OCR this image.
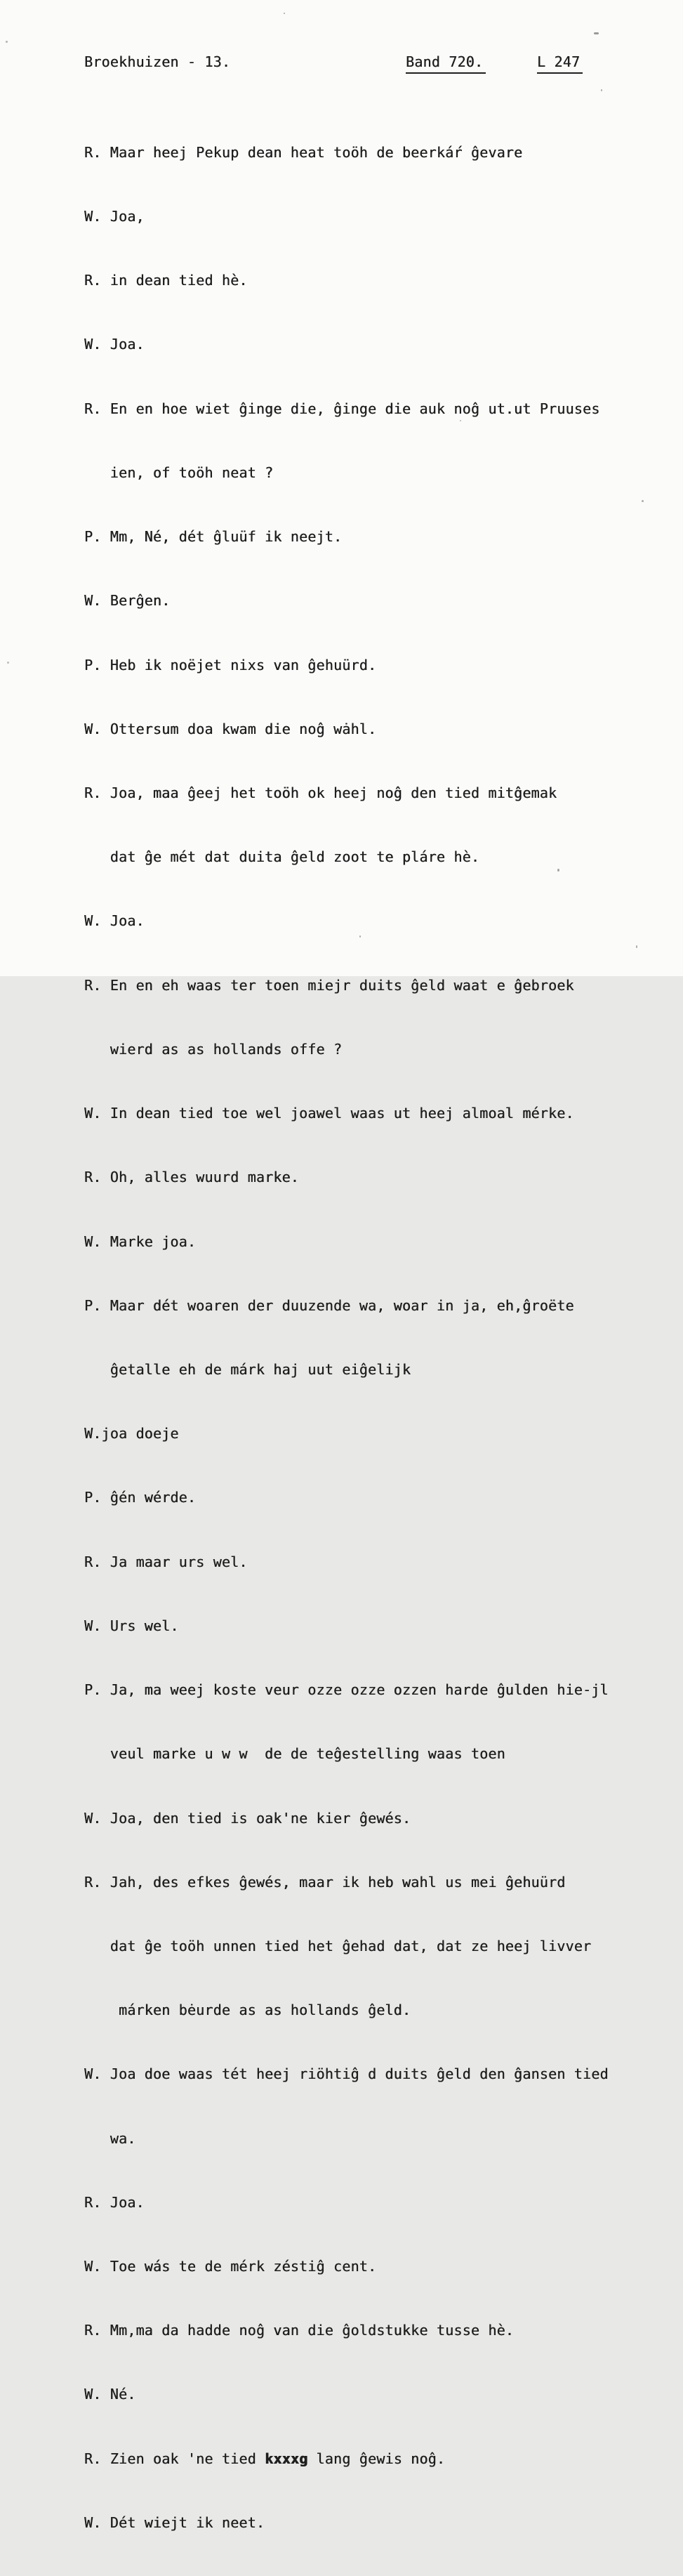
Broekhuizen - 13.	Band 720.	L 247

R. Maar heej Pekup dean heat toöh de beerkáŕ ĝevare

W. Joa,

R. in dean tied hè.

W. Joa.

R. En en hoe wiet ĝinge die, ĝinge die auk noĝ ut.ut Pruuses

ien, of toöh neat ?

P. Mm, Né, dét ĝluüf ik neejt.

W. Berĝen.

P. Heb ik noëjet nixs van ĝehuürd.

W. Ottersum doa kwam die noĝ wȧhl.

R. Joa, maa ĝeej het toöh ok heej noĝ den tied mitĝemak

dat ĝe mét dat duita ĝeld zoot te pláre hè.

W. Joa.

R. En en eh waas ter toen miejr duits ĝeld waat e ĝebroek

wierd as as hollands offe ?

W. In dean tied toe wel joawel waas ut heej almoal mérke.

R. Oh, alles wuurd marke.

W. Marke joa.

P. Maar dét woaren der duuzende wa, woar in ja, eh,ĝroëte

ĝetalle eh de márk haj uut eiĝelijk

W.joa doeje

P. ĝén wérde.

R. Ja maar urs wel.

W. Urs wel.

P. Ja, ma weej koste veur ozze ozze ozzen harde ĝulden hie-jl

veul marke u w w  de de teĝestelling waas toen

W. Joa, den tied is oak'ne kier ĝewés.

R. Jah, des efkes ĝewés, maar ik heb wahl us mei ĝehuürd

dat ĝe toöh unnen tied het ĝehad dat, dat ze heej livver

márken bėurde as as hollands ĝeld.

W. Joa doe waas tét heej riöhtiĝ d duits ĝeld den ĝansen tied

wa.

R. Joa.

W. Toe wás te de mérk zéstiĝ cent.

R. Mm,ma da hadde noĝ van die ĝoldstukke tusse hè.

W. Né.

R. Zien oak 'ne tied kxxxg lang ĝewis noĝ.

W. Dét wiejt ik neet.
